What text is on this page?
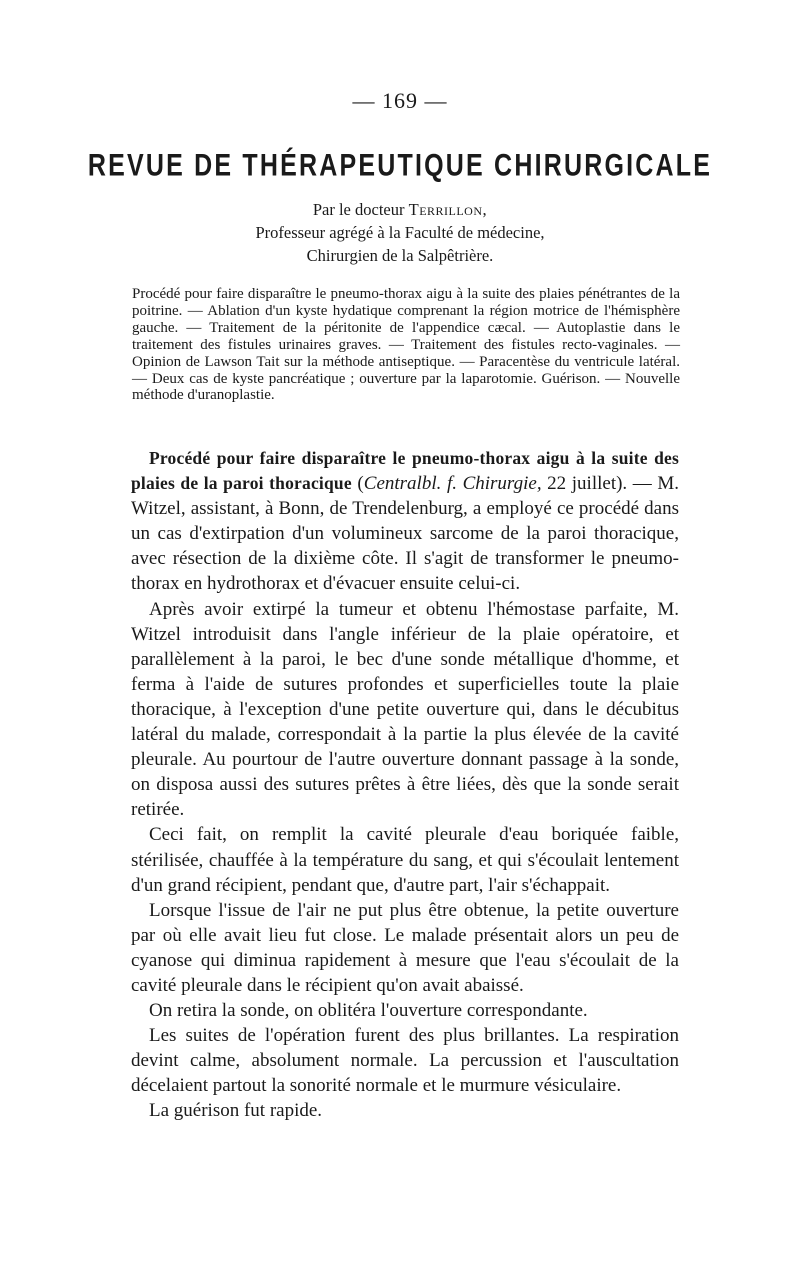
— 169 —
REVUE DE THÉRAPEUTIQUE CHIRURGICALE
Par le docteur Terrillon,
Professeur agrégé à la Faculté de médecine,
Chirurgien de la Salpêtrière.
Procédé pour faire disparaître le pneumo-thorax aigu à la suite des plaies pénétrantes de la poitrine. — Ablation d'un kyste hydatique comprenant la région motrice de l'hémisphère gauche. — Traitement de la péritonite de l'appendice cæcal. — Autoplastie dans le traitement des fistules urinaires graves. — Traitement des fistules recto-vaginales. — Opinion de Lawson Tait sur la méthode antiseptique. — Paracentèse du ventricule latéral. — Deux cas de kyste pancréatique ; ouverture par la laparotomie. Guérison. — Nouvelle méthode d'uranoplastie.

Procédé pour faire disparaître le pneumo-thorax aigu à la suite des plaies de la paroi thoracique (Centralbl. f. Chirurgie, 22 juillet). — M. Witzel, assistant, à Bonn, de Trendelenburg, a employé ce procédé dans un cas d'extirpation d'un volumineux sarcome de la paroi thoracique, avec résection de la dixième côte. Il s'agit de transformer le pneumo-thorax en hydrothorax et d'évacuer ensuite celui-ci.

Après avoir extirpé la tumeur et obtenu l'hémostase parfaite, M. Witzel introduisit dans l'angle inférieur de la plaie opératoire, et parallèlement à la paroi, le bec d'une sonde métallique d'homme, et ferma à l'aide de sutures profondes et superficielles toute la plaie thoracique, à l'exception d'une petite ouverture qui, dans le décubitus latéral du malade, correspondait à la partie la plus élevée de la cavité pleurale. Au pourtour de l'autre ouverture donnant passage à la sonde, on disposa aussi des sutures prêtes à être liées, dès que la sonde serait retirée.

Ceci fait, on remplit la cavité pleurale d'eau boriquée faible, stérilisée, chauffée à la température du sang, et qui s'écoulait lentement d'un grand récipient, pendant que, d'autre part, l'air s'échappait.

Lorsque l'issue de l'air ne put plus être obtenue, la petite ouverture par où elle avait lieu fut close. Le malade présentait alors un peu de cyanose qui diminua rapidement à mesure que l'eau s'écoulait de la cavité pleurale dans le récipient qu'on avait abaissé.

On retira la sonde, on oblitéra l'ouverture correspondante.

Les suites de l'opération furent des plus brillantes. La respiration devint calme, absolument normale. La percussion et l'auscultation décelaient partout la sonorité normale et le murmure vésiculaire.

La guérison fut rapide.
